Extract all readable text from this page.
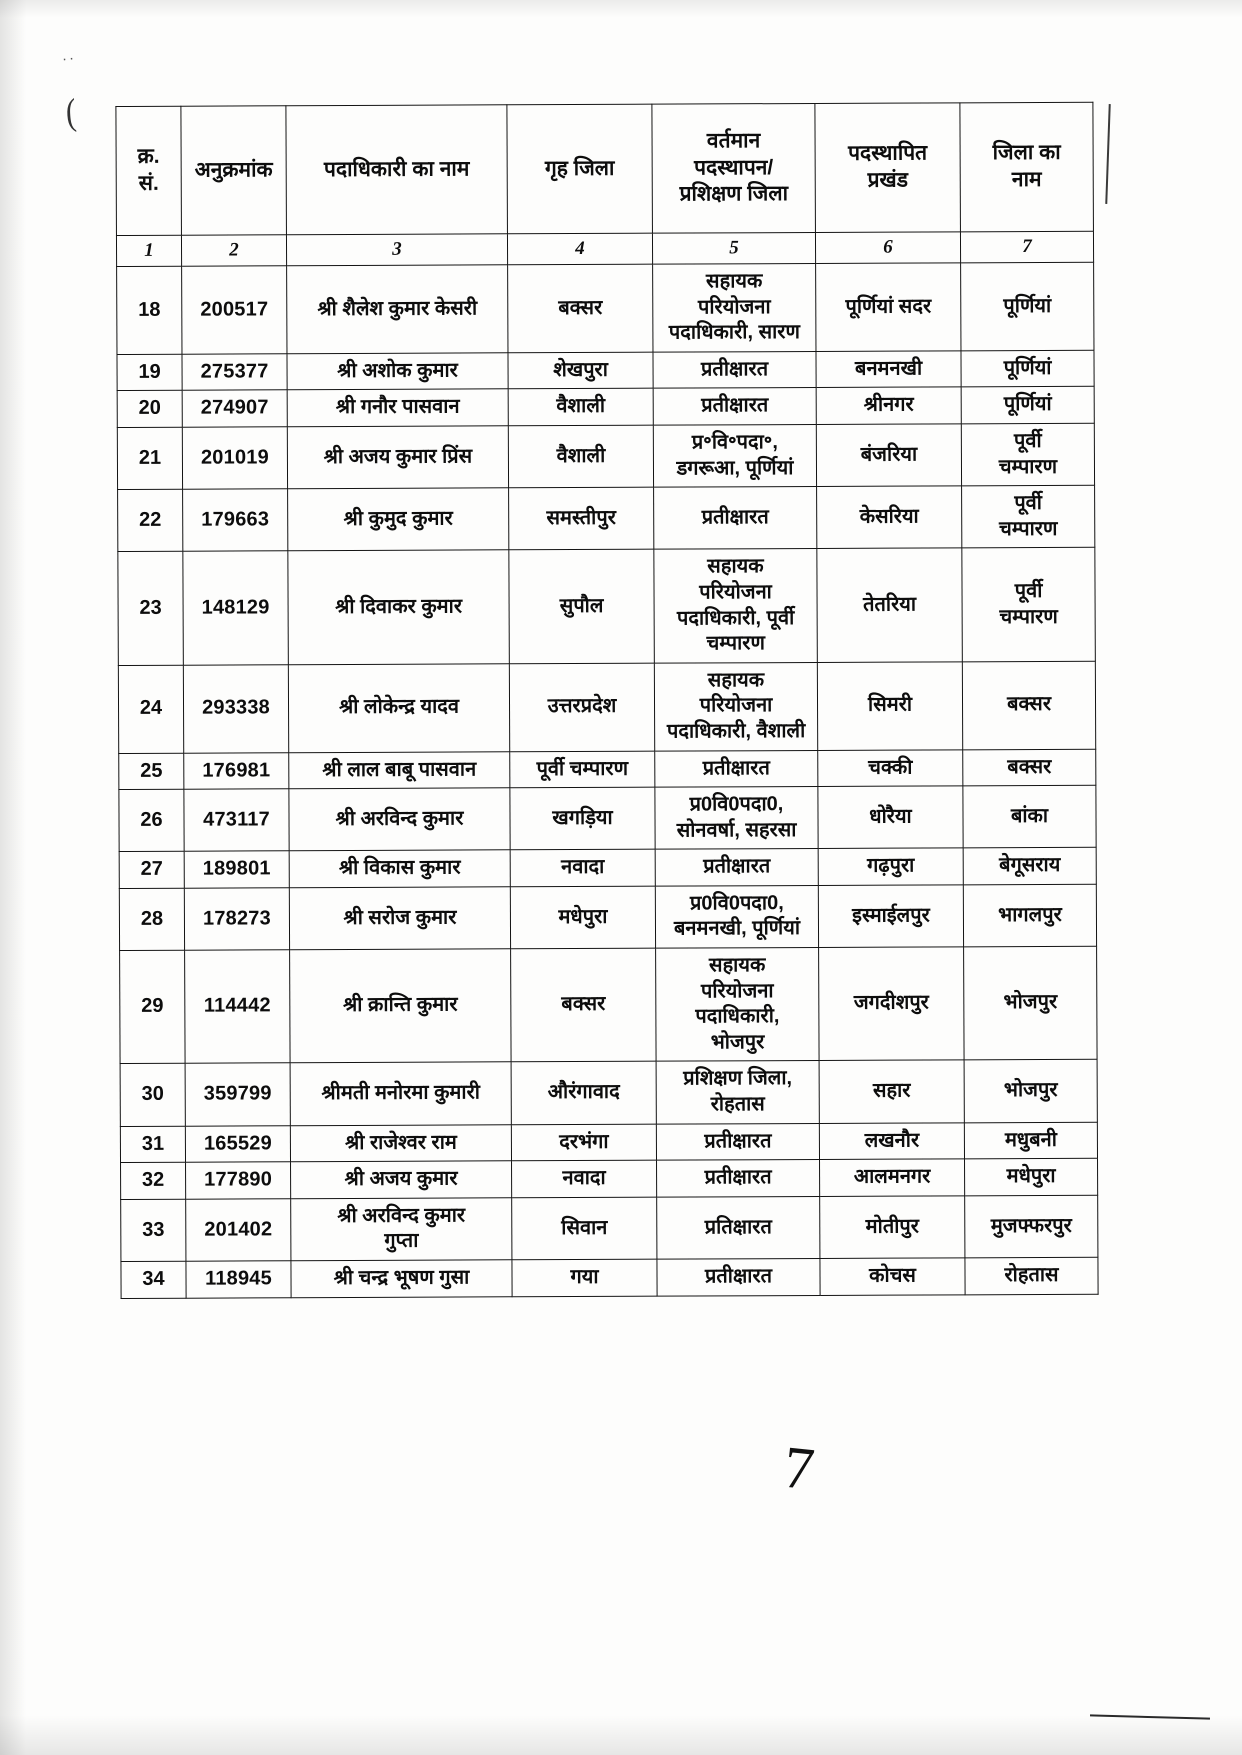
··
(
क्र.
सं.	अनुक्रमांक	पदाधिकारी का नाम	गृह जिला	वर्तमान
पदस्थापन/
प्रशिक्षण जिला	पदस्थापित
प्रखंड	जिला का
नाम

1	2	3	4	5	6	7
18	200517	श्री शैलेश कुमार केसरी	बक्सर	सहायक
परियोजना
पदाधिकारी, सारण	पूर्णियां सदर	पूर्णियां

19	275377	श्री अशोक कुमार	शेखपुरा	प्रतीक्षारत	बनमनखी	पूर्णियां

20	274907	श्री गनौर पासवान	वैशाली	प्रतीक्षारत	श्रीनगर	पूर्णियां

21	201019	श्री अजय कुमार प्रिंस	वैशाली	प्र॰वि॰पदा॰,
डगरूआ, पूर्णियां	बंजरिया	पूर्वी
चम्पारण

22	179663	श्री कुमुद कुमार	समस्तीपुर	प्रतीक्षारत	केसरिया	पूर्वी
चम्पारण

23	148129	श्री दिवाकर कुमार	सुपौल	सहायक
परियोजना
पदाधिकारी, पूर्वी
चम्पारण	तेतरिया	पूर्वी
चम्पारण

24	293338	श्री लोकेन्द्र यादव	उत्तरप्रदेश	सहायक
परियोजना
पदाधिकारी, वैशाली	सिमरी	बक्सर

25	176981	श्री लाल बाबू पासवान	पूर्वी चम्पारण	प्रतीक्षारत	चक्की	बक्सर

26	473117	श्री अरविन्द कुमार	खगड़िया	प्र0वि0पदा0,
सोनवर्षा, सहरसा	धोरैया	बांका

27	189801	श्री विकास कुमार	नवादा	प्रतीक्षारत	गढ़पुरा	बेगूसराय

28	178273	श्री सरोज कुमार	मधेपुरा	प्र0वि0पदा0,
बनमनखी, पूर्णियां	इस्माईलपुर	भागलपुर

29	114442	श्री क्रान्ति कुमार	बक्सर	सहायक
परियोजना
पदाधिकारी,
भोजपुर	जगदीशपुर	भोजपुर

30	359799	श्रीमती मनोरमा कुमारी	औरंगावाद	प्रशिक्षण जिला,
रोहतास	सहार	भोजपुर

31	165529	श्री राजेश्वर राम	दरभंगा	प्रतीक्षारत	लखनौर	मधुबनी

32	177890	श्री अजय कुमार	नवादा	प्रतीक्षारत	आलमनगर	मधेपुरा

33	201402	श्री अरविन्द कुमार
गुप्ता	सिवान	प्रतिक्षारत	मोतीपुर	मुजफ्फरपुर

34	118945	श्री चन्द्र भूषण गुसा	गया	प्रतीक्षारत	कोचस	रोहतास
7
